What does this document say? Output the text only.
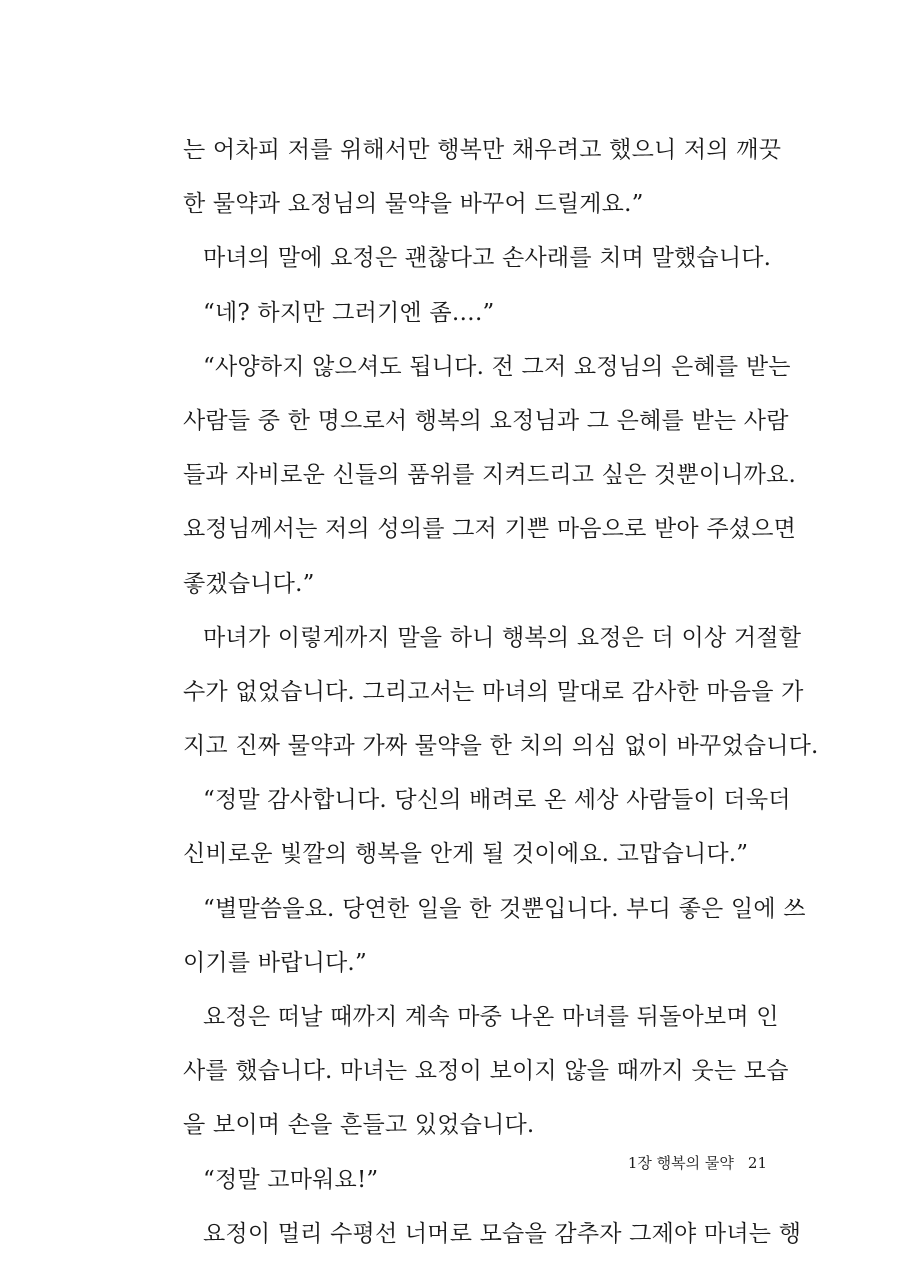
는 어차피 저를 위해서만 행복만 채우려고 했으니 저의 깨끗
한 물약과 요정님의 물약을 바꾸어 드릴게요.”
마녀의 말에 요정은 괜찮다고 손사래를 치며 말했습니다.
“네? 하지만 그러기엔 좀….”
“사양하지 않으셔도 됩니다. 전 그저 요정님의 은혜를 받는
사람들 중 한 명으로서 행복의 요정님과 그 은혜를 받는 사람
들과 자비로운 신들의 품위를 지켜드리고 싶은 것뿐이니까요.
요정님께서는 저의 성의를 그저 기쁜 마음으로 받아 주셨으면
좋겠습니다.”
마녀가 이렇게까지 말을 하니 행복의 요정은 더 이상 거절할
수가 없었습니다. 그리고서는 마녀의 말대로 감사한 마음을 가
지고 진짜 물약과 가짜 물약을 한 치의 의심 없이 바꾸었습니다.
“정말 감사합니다. 당신의 배려로 온 세상 사람들이 더욱더
신비로운 빛깔의 행복을 안게 될 것이에요. 고맙습니다.”
“별말씀을요. 당연한 일을 한 것뿐입니다. 부디 좋은 일에 쓰
이기를 바랍니다.”
요정은 떠날 때까지 계속 마중 나온 마녀를 뒤돌아보며 인
사를 했습니다. 마녀는 요정이 보이지 않을 때까지 웃는 모습
을 보이며 손을 흔들고 있었습니다.
“정말 고마워요!”
요정이 멀리 수평선 너머로 모습을 감추자 그제야 마녀는 행
1장 행복의 물약 21
